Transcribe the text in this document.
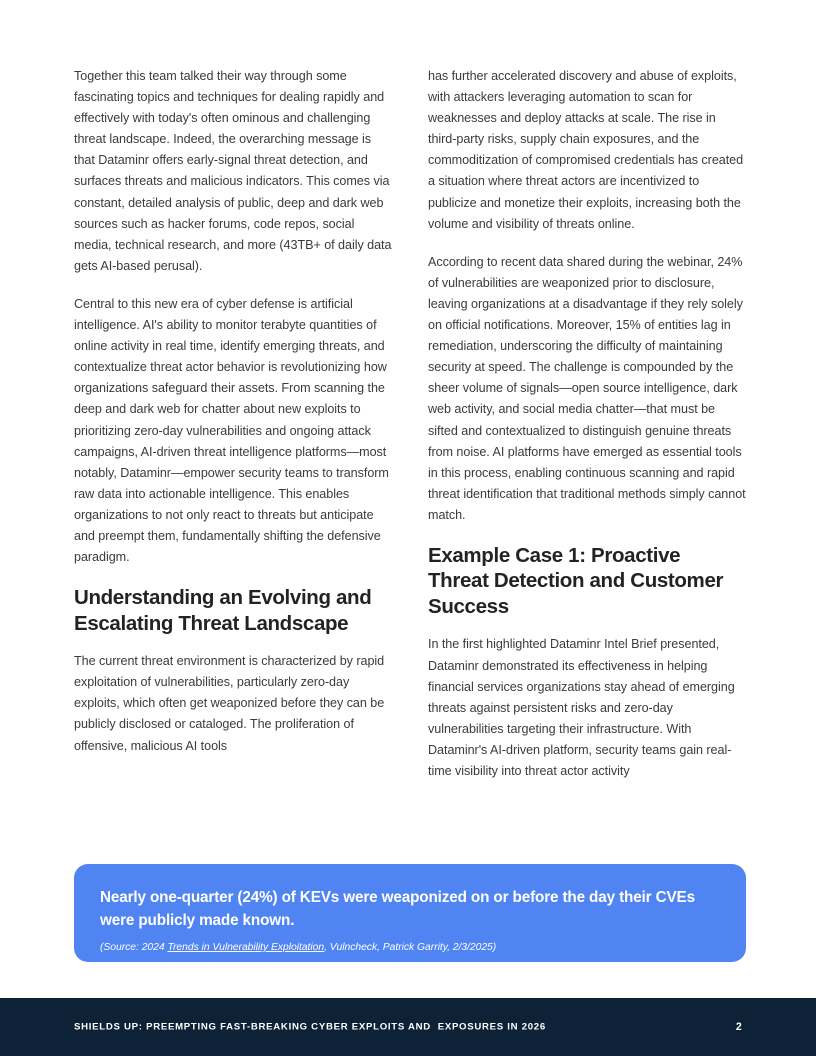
Together this team talked their way through some fascinating topics and techniques for dealing rapidly and effectively with today's often ominous and challenging threat landscape. Indeed, the overarching message is that Dataminr offers early-signal threat detection, and surfaces threats and malicious indicators. This comes via constant, detailed analysis of public, deep and dark web sources such as hacker forums, code repos, social media, technical research, and more (43TB+ of daily data gets AI-based perusal).

Central to this new era of cyber defense is artificial intelligence. AI's ability to monitor terabyte quantities of online activity in real time, identify emerging threats, and contextualize threat actor behavior is revolutionizing how organizations safeguard their assets. From scanning the deep and dark web for chatter about new exploits to prioritizing zero-day vulnerabilities and ongoing attack campaigns, AI-driven threat intelligence platforms—most notably, Dataminr—empower security teams to transform raw data into actionable intelligence. This enables organizations to not only react to threats but anticipate and preempt them, fundamentally shifting the defensive paradigm.

Understanding an Evolving and Escalating Threat Landscape

The current threat environment is characterized by rapid exploitation of vulnerabilities, particularly zero-day exploits, which often get weaponized before they can be publicly disclosed or cataloged. The proliferation of offensive, malicious AI tools

has further accelerated discovery and abuse of exploits, with attackers leveraging automation to scan for weaknesses and deploy attacks at scale. The rise in third-party risks, supply chain exposures, and the commoditization of compromised credentials has created a situation where threat actors are incentivized to publicize and monetize their exploits, increasing both the volume and visibility of threats online.

According to recent data shared during the webinar, 24% of vulnerabilities are weaponized prior to disclosure, leaving organizations at a disadvantage if they rely solely on official notifications. Moreover, 15% of entities lag in remediation, underscoring the difficulty of maintaining security at speed. The challenge is compounded by the sheer volume of signals—open source intelligence, dark web activity, and social media chatter—that must be sifted and contextualized to distinguish genuine threats from noise. AI platforms have emerged as essential tools in this process, enabling continuous scanning and rapid threat identification that traditional methods simply cannot match.

Example Case 1: Proactive Threat Detection and Customer Success

In the first highlighted Dataminr Intel Brief presented, Dataminr demonstrated its effectiveness in helping financial services organizations stay ahead of emerging threats against persistent risks and zero-day vulnerabilities targeting their infrastructure. With Dataminr's AI-driven platform, security teams gain real-time visibility into threat actor activity

Nearly one-quarter (24%) of KEVs were weaponized on or before the day their CVEs were publicly made known.

(Source: 2024 Trends in Vulnerability Exploitation, Vulncheck, Patrick Garrity, 2/3/2025)

SHIELDS UP: PREEMPTING FAST-BREAKING CYBER EXPLOITS AND  EXPOSURES IN 2026	2
